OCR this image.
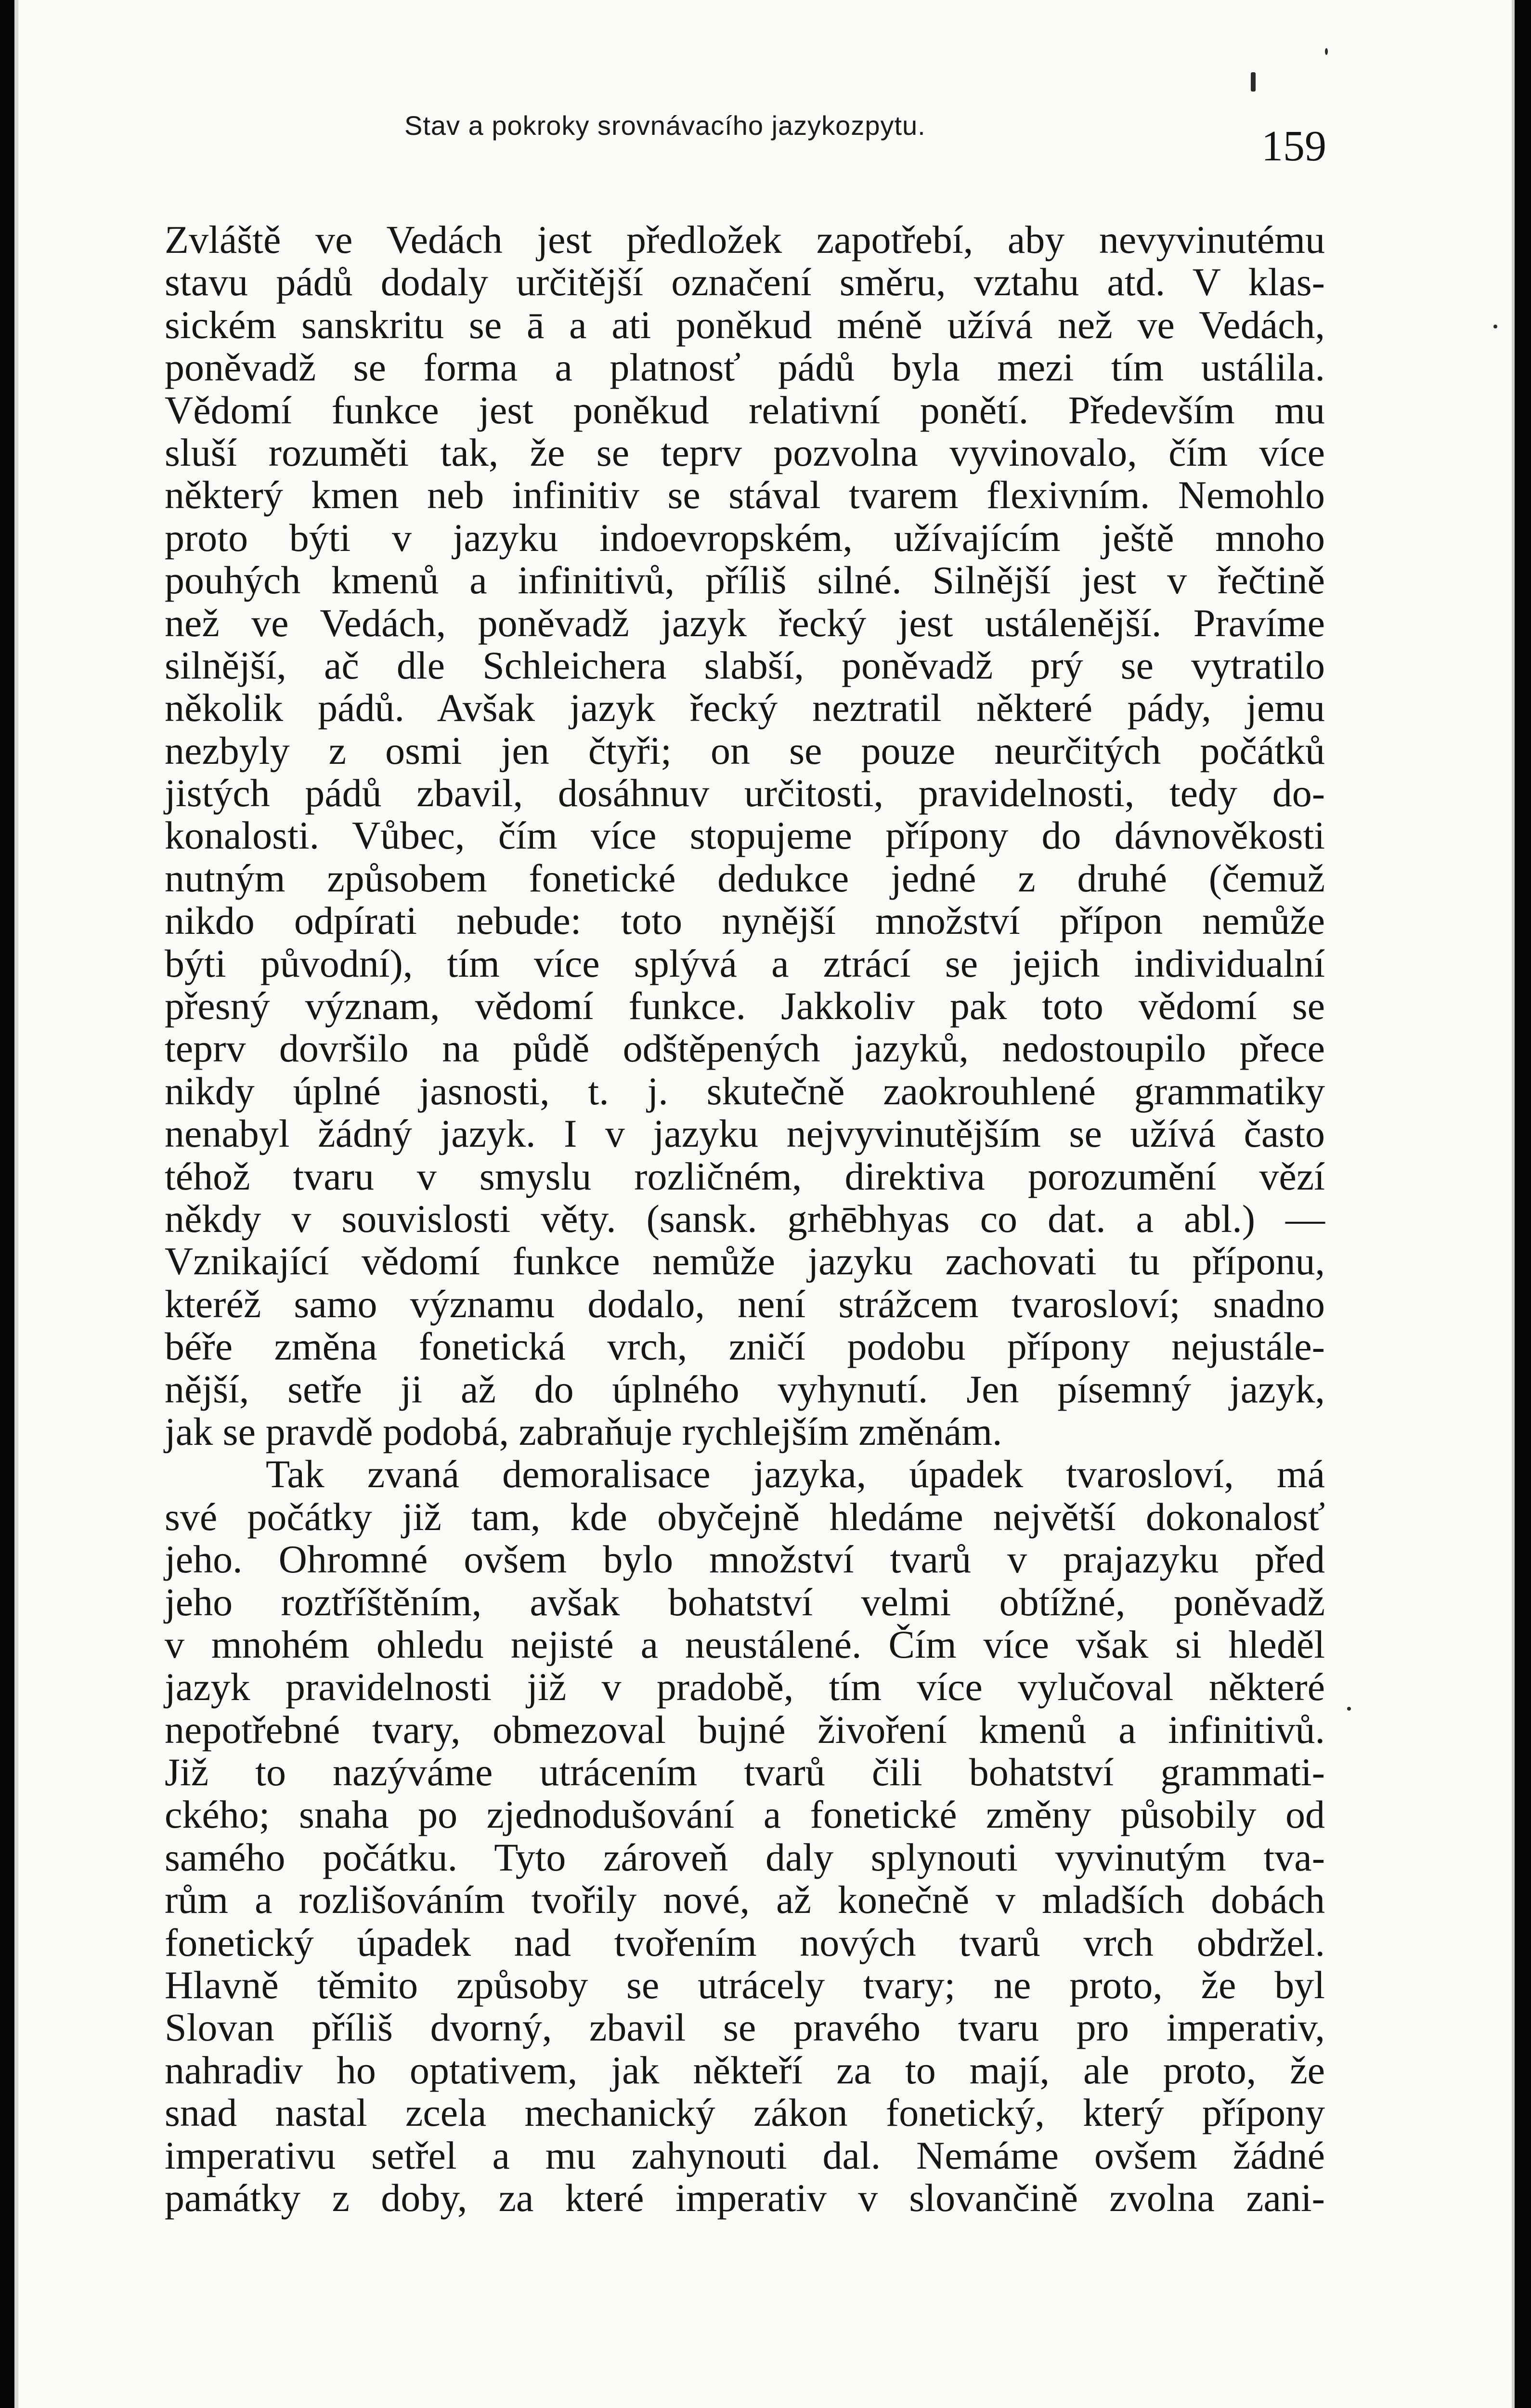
Stav a pokroky srovnávacího jazykozpytu.	159
Zvláště ve Vedách jest předložek zapotřebí, aby nevyvinutému
stavu pádů dodaly určitější označení směru, vztahu atd. V klas-
sickém sanskritu se ā a ati poněkud méně užívá než ve Vedách,
poněvadž se forma a platnosť pádů byla mezi tím ustálila.
Vědomí funkce jest poněkud relativní ponětí. Především mu
sluší rozuměti tak, že se teprv pozvolna vyvinovalo, čím více
některý kmen neb infinitiv se stával tvarem flexivním. Nemohlo
proto býti v jazyku indoevropském, užívajícím ještě mnoho
pouhých kmenů a infinitivů, příliš silné. Silnější jest v řečtině
než ve Vedách, poněvadž jazyk řecký jest ustálenější. Pravíme
silnější, ač dle Schleichera slabší, poněvadž prý se vytratilo
několik pádů. Avšak jazyk řecký neztratil některé pády, jemu
nezbyly z osmi jen čtyři; on se pouze neurčitých počátků
jistých pádů zbavil, dosáhnuv určitosti, pravidelnosti, tedy do-
konalosti. Vůbec, čím více stopujeme přípony do dávnověkosti
nutným způsobem fonetické dedukce jedné z druhé (čemuž
nikdo odpírati nebude: toto nynější množství přípon nemůže
býti původní), tím více splývá a ztrácí se jejich individualní
přesný význam, vědomí funkce. Jakkoliv pak toto vědomí se
teprv dovršilo na půdě odštěpených jazyků, nedostoupilo přece
nikdy úplné jasnosti, t. j. skutečně zaokrouhlené grammatiky
nenabyl žádný jazyk. I v jazyku nejvyvinutějším se užívá často
téhož tvaru v smyslu rozličném, direktiva porozumění vězí
někdy v souvislosti věty. (sansk. grhēbhyas co dat. a abl.) —
Vznikající vědomí funkce nemůže jazyku zachovati tu příponu,
kteréž samo významu dodalo, není strážcem tvarosloví; snadno
béře změna fonetická vrch, zničí podobu přípony nejustále-
nější, setře ji až do úplného vyhynutí. Jen písemný jazyk,
jak se pravdě podobá, zabraňuje rychlejším změnám.
Tak zvaná demoralisace jazyka, úpadek tvarosloví, má
své počátky již tam, kde obyčejně hledáme největší dokonalosť
jeho. Ohromné ovšem bylo množství tvarů v prajazyku před
jeho roztříštěním, avšak bohatství velmi obtížné, poněvadž
v mnohém ohledu nejisté a neustálené. Čím více však si hleděl
jazyk pravidelnosti již v pradobě, tím více vylučoval některé
nepotřebné tvary, obmezoval bujné živoření kmenů a infinitivů.
Již to nazýváme utrácením tvarů čili bohatství grammati-
ckého; snaha po zjednodušování a fonetické změny působily od
samého počátku. Tyto zároveň daly splynouti vyvinutým tva-
rům a rozlišováním tvořily nové, až konečně v mladších dobách
fonetický úpadek nad tvořením nových tvarů vrch obdržel.
Hlavně těmito způsoby se utrácely tvary; ne proto, že byl
Slovan příliš dvorný, zbavil se pravého tvaru pro imperativ,
nahradiv ho optativem, jak někteří za to mají, ale proto, že
snad nastal zcela mechanický zákon fonetický, který přípony
imperativu setřel a mu zahynouti dal. Nemáme ovšem žádné
památky z doby, za které imperativ v slovančině zvolna zani-
